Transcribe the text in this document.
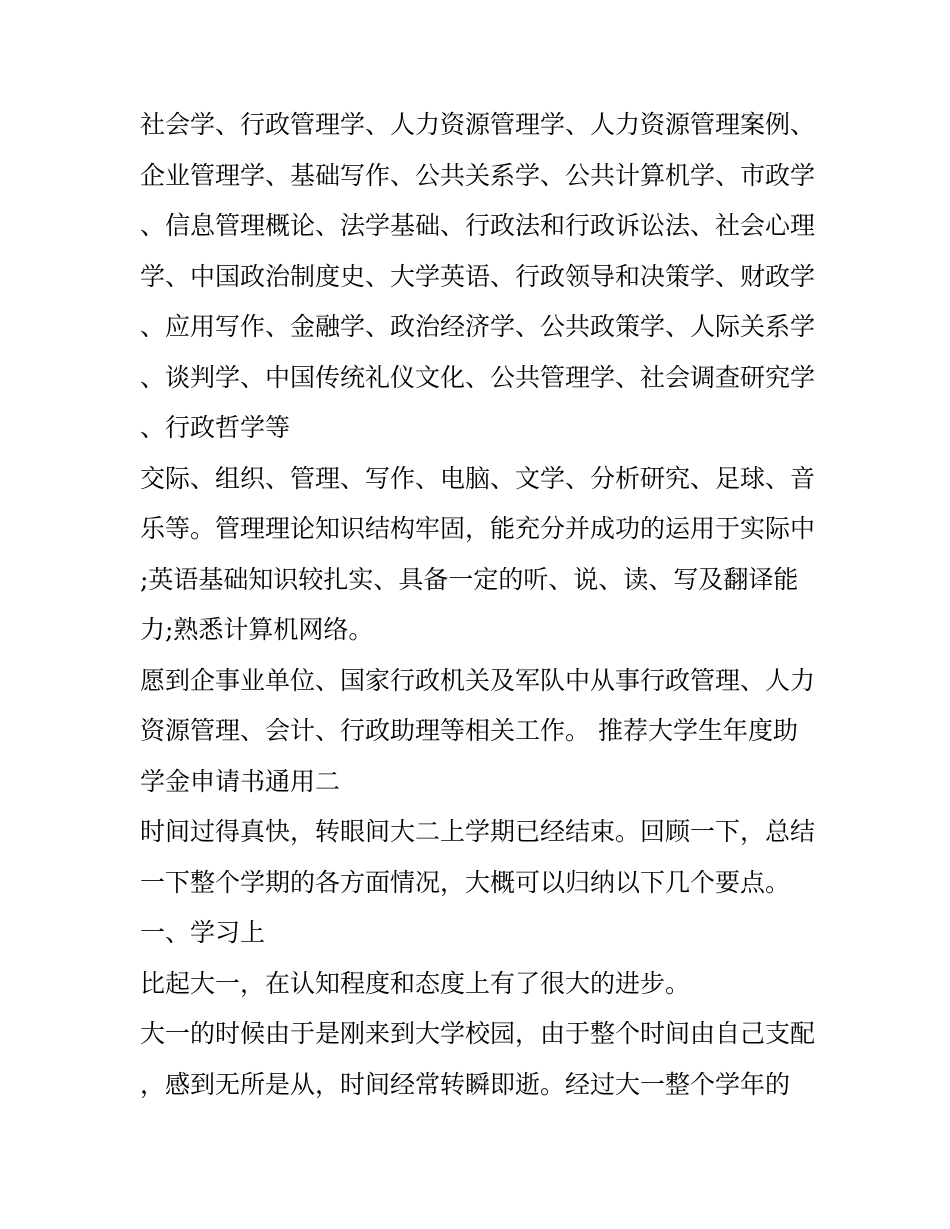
社会学、行政管理学、人力资源管理学、人力资源管理案例、企业管理学、基础写作、公共关系学、公共计算机学、市政学、信息管理概论、法学基础、行政法和行政诉讼法、社会心理学、中国政治制度史、大学英语、行政领导和决策学、财政学、应用写作、金融学、政治经济学、公共政策学、人际关系学、谈判学、中国传统礼仪文化、公共管理学、社会调查研究学、行政哲学等

交际、组织、管理、写作、电脑、文学、分析研究、足球、音乐等。管理理论知识结构牢固，能充分并成功的运用于实际中;英语基础知识较扎实、具备一定的听、说、读、写及翻译能力;熟悉计算机网络。

愿到企事业单位、国家行政机关及军队中从事行政管理、人力资源管理、会计、行政助理等相关工作。 推荐大学生年度助学金申请书通用二

时间过得真快，转眼间大二上学期已经结束。回顾一下，总结一下整个学期的各方面情况，大概可以归纳以下几个要点。

一、学习上

比起大一，在认知程度和态度上有了很大的进步。

大一的时候由于是刚来到大学校园，由于整个时间由自己支配，感到无所是从，时间经常转瞬即逝。经过大一整个学年的
